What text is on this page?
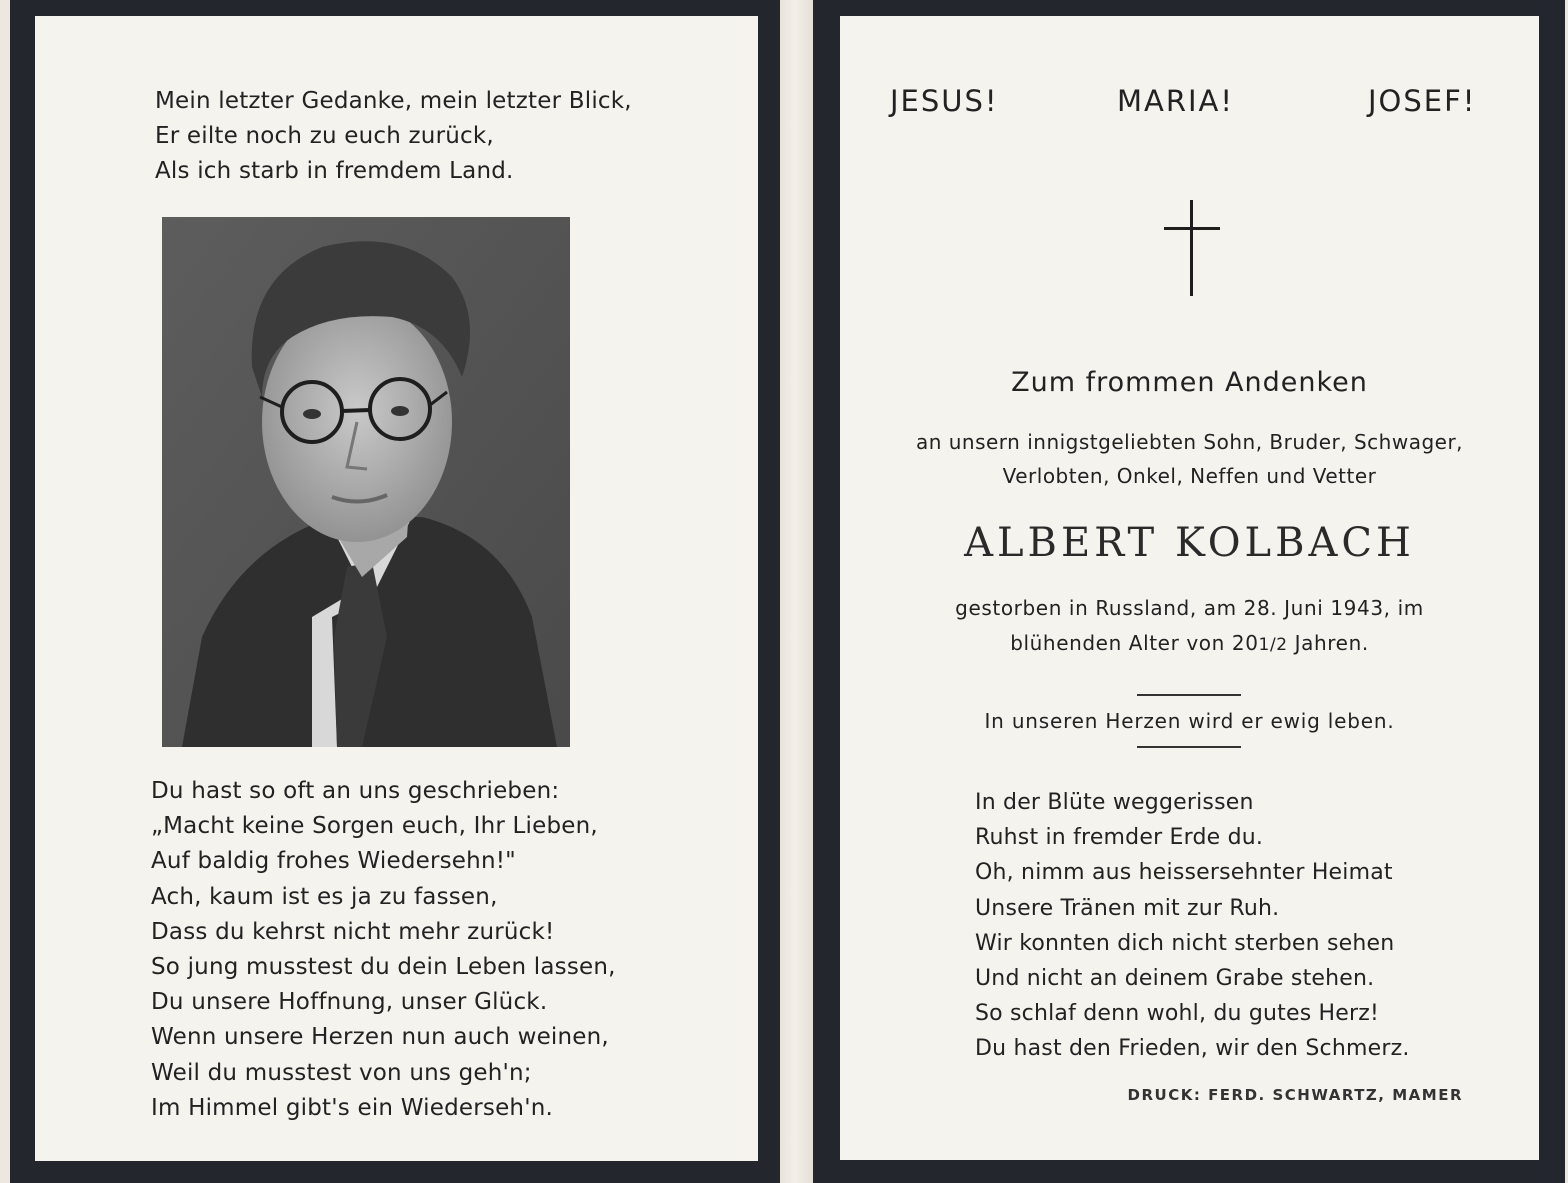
Mein letzter Gedanke, mein letzter Blick,
Er eilte noch zu euch zurück,
Als ich starb in fremdem Land.
Du hast so oft an uns geschrieben:
„Macht keine Sorgen euch, Ihr Lieben,
Auf baldig frohes Wiedersehn!"
Ach, kaum ist es ja zu fassen,
Dass du kehrst nicht mehr zurück!
So jung musstest du dein Leben lassen,
Du unsere Hoffnung, unser Glück.
Wenn unsere Herzen nun auch weinen,
Weil du musstest von uns geh'n;
Im Himmel gibt's ein Wiederseh'n.
JESUS!	MARIA!	JOSEF!
Zum frommen Andenken
an unsern innigstgeliebten Sohn, Bruder, Schwager,
Verlobten, Onkel, Neffen und Vetter
ALBERT KOLBACH
gestorben in Russland, am 28. Juni 1943, im
blühenden Alter von 201/2 Jahren.
In unseren Herzen wird er ewig leben.
In der Blüte weggerissen
Ruhst in fremder Erde du.
Oh, nimm aus heissersehnter Heimat
Unsere Tränen mit zur Ruh.
Wir konnten dich nicht sterben sehen
Und nicht an deinem Grabe stehen.
So schlaf denn wohl, du gutes Herz!
Du hast den Frieden, wir den Schmerz.
DRUCK: FERD. SCHWARTZ, MAMER
